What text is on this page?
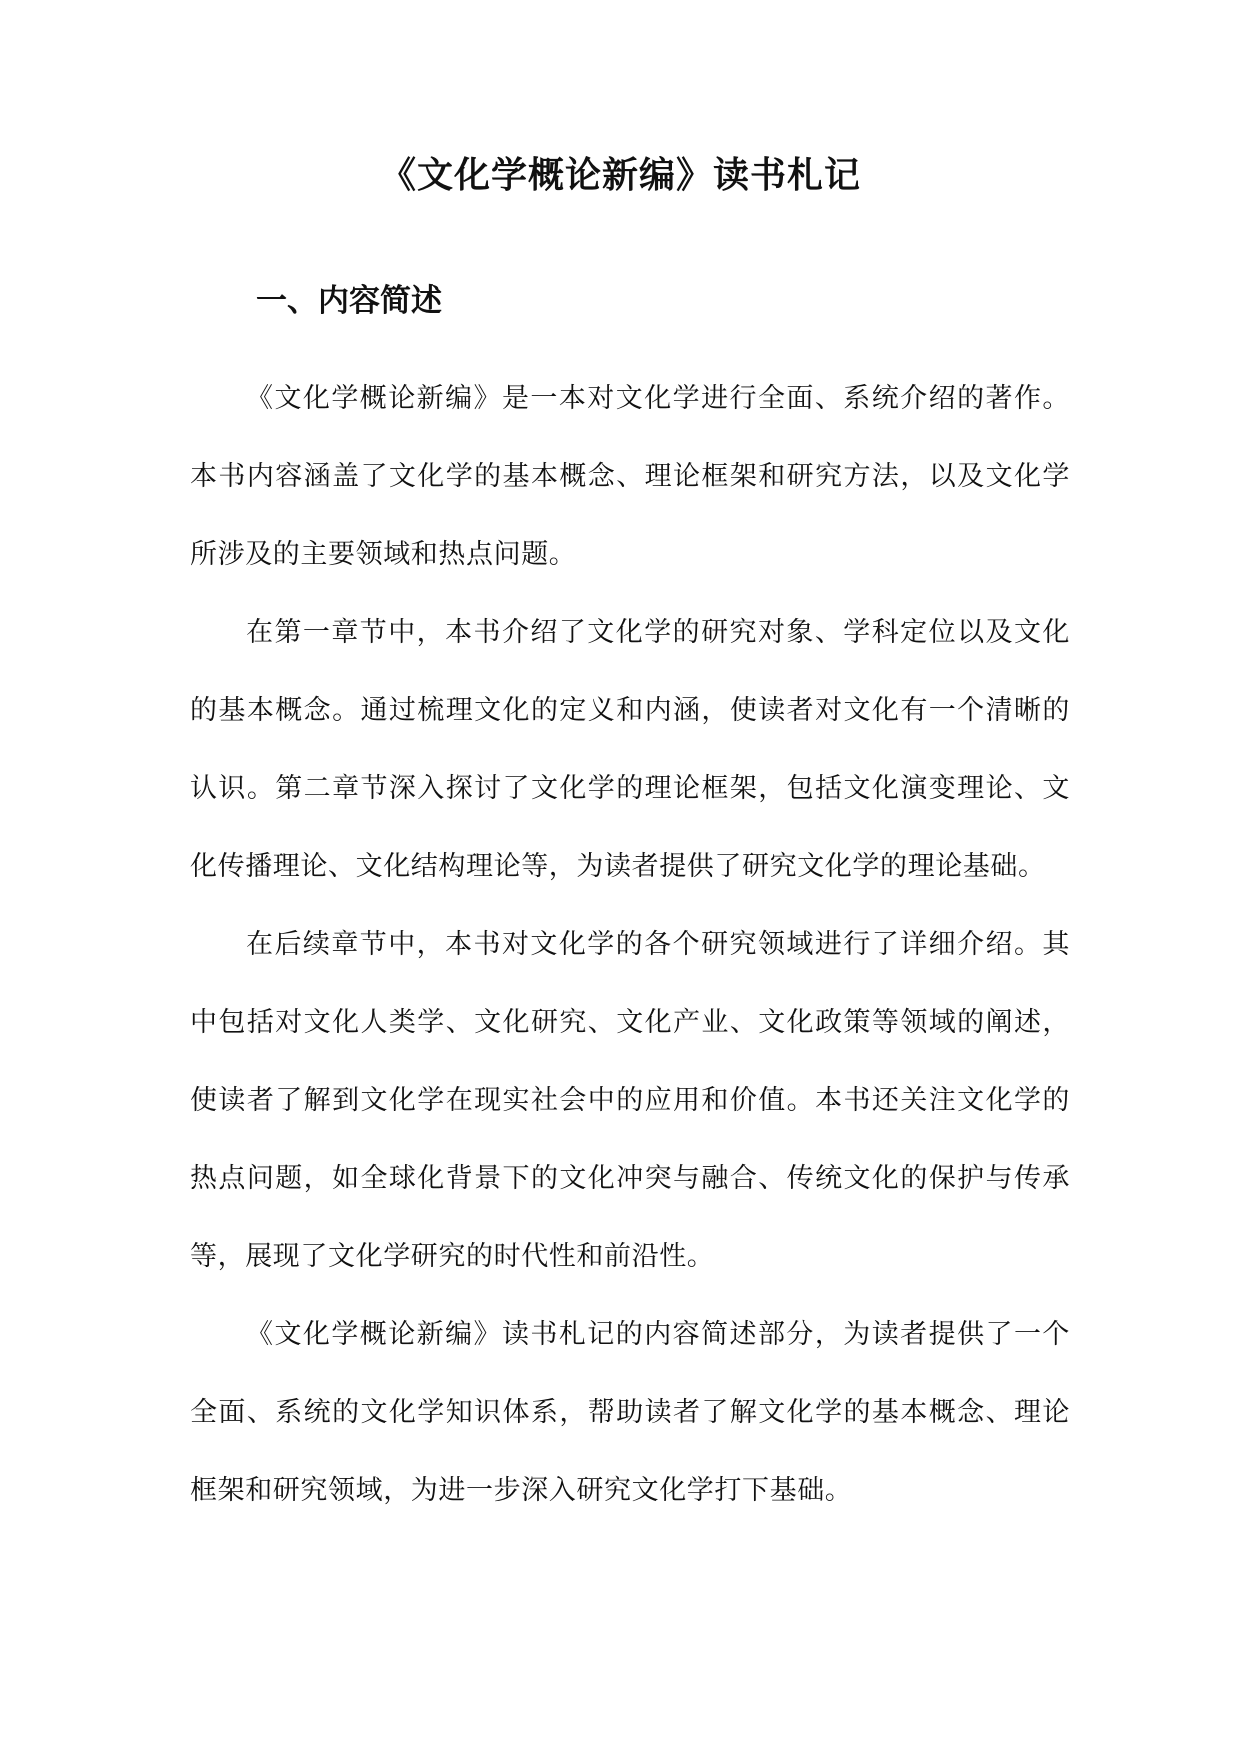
《文化学概论新编》读书札记
一、内容简述

《文化学概论新编》是一本对文化学进行全面、系统介绍的著作。本书内容涵盖了文化学的基本概念、理论框架和研究方法，以及文化学所涉及的主要领域和热点问题。

在第一章节中，本书介绍了文化学的研究对象、学科定位以及文化的基本概念。通过梳理文化的定义和内涵，使读者对文化有一个清晰的认识。第二章节深入探讨了文化学的理论框架，包括文化演变理论、文化传播理论、文化结构理论等，为读者提供了研究文化学的理论基础。

在后续章节中，本书对文化学的各个研究领域进行了详细介绍。其中包括对文化人类学、文化研究、文化产业、文化政策等领域的阐述，使读者了解到文化学在现实社会中的应用和价值。本书还关注文化学的热点问题，如全球化背景下的文化冲突与融合、传统文化的保护与传承等，展现了文化学研究的时代性和前沿性。

《文化学概论新编》读书札记的内容简述部分，为读者提供了一个全面、系统的文化学知识体系，帮助读者了解文化学的基本概念、理论框架和研究领域，为进一步深入研究文化学打下基础。
